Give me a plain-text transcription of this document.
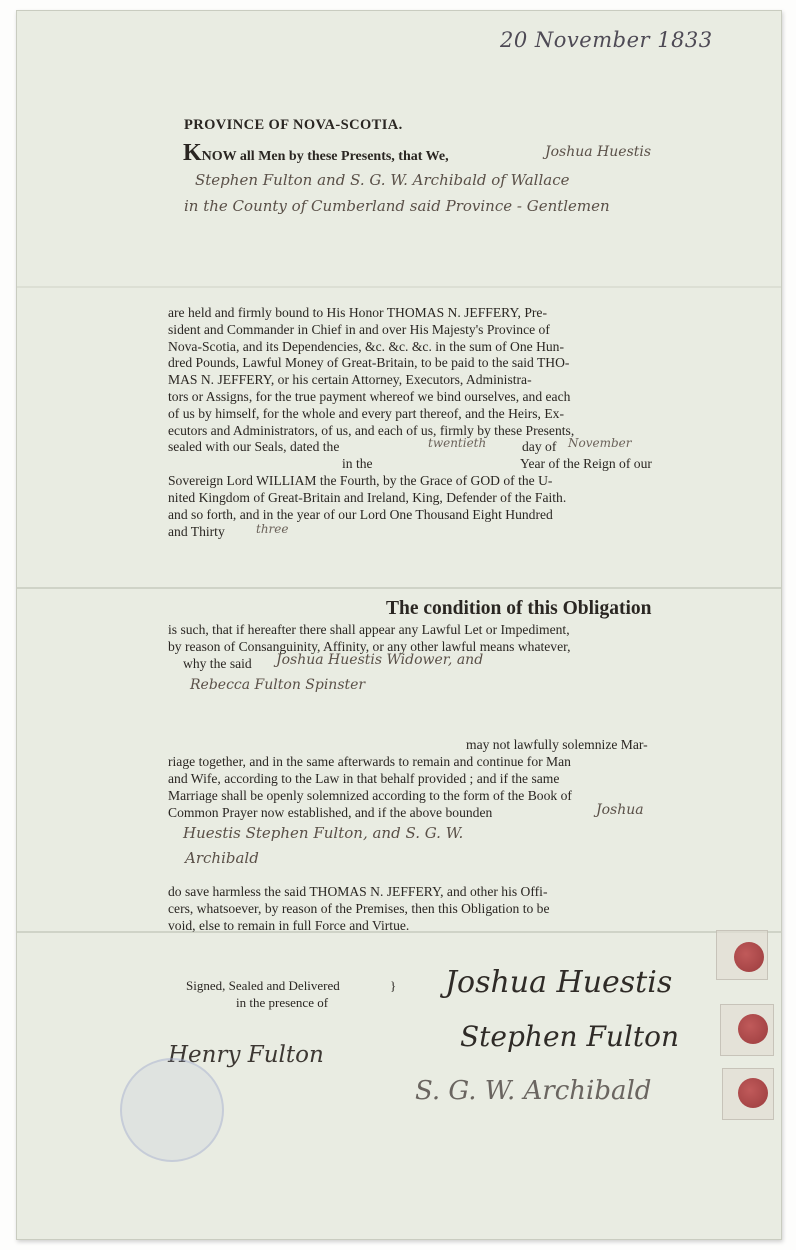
20 November 1833
PROVINCE OF NOVA-SCOTIA.
KNOW all Men by these Presents, that We,	Joshua Huestis
Stephen Fulton and S. G. W. Archibald of Wallace
in the County of Cumberland said Province - Gentlemen
are held and firmly bound to His Honor THOMAS N. JEFFERY, Pre-
sident and Commander in Chief in and over His Majesty's Province of
Nova-Scotia, and its Dependencies, &c. &c. &c. in the sum of One Hun-
dred Pounds, Lawful Money of Great-Britain, to be paid to the said THO-
MAS N. JEFFERY, or his certain Attorney, Executors, Administra-
tors or Assigns, for the true payment whereof we bind ourselves, and each
of us by himself, for the whole and every part thereof, and the Heirs, Ex-
ecutors and Administrators, of us, and each of us, firmly by these Presents,
sealed with our Seals, dated the	twentieth	day of November
in the	Year of the Reign of our
Sovereign Lord WILLIAM the Fourth, by the Grace of GOD of the U-
nited Kingdom of Great-Britain and Ireland, King, Defender of the Faith.
and so forth, and in the year of our Lord One Thousand Eight Hundred
and Thirty	three
The condition of this Obligation
is such, that if hereafter there shall appear any Lawful Let or Impediment,
by reason of Consanguinity, Affinity, or any other lawful means whatever,
why the said Joshua Huestis Widower, and
Rebecca Fulton Spinster
may not lawfully solemnize Mar-
riage together, and in the same afterwards to remain and continue for Man
and Wife, according to the Law in that behalf provided ; and if the same
Marriage shall be openly solemnized according to the form of the Book of
Common Prayer now established, and if the above bounden	Joshua
Huestis Stephen Fulton, and S. G. W.
Archibald
do save harmless the said THOMAS N. JEFFERY, and other his Offi-
cers, whatsoever, by reason of the Premises, then this Obligation to be
void, else to remain in full Force and Virtue.
Signed, Sealed and Delivered
in the presence of
}
Henry Fulton
Joshua Huestis
Stephen Fulton
S. G. W. Archibald
